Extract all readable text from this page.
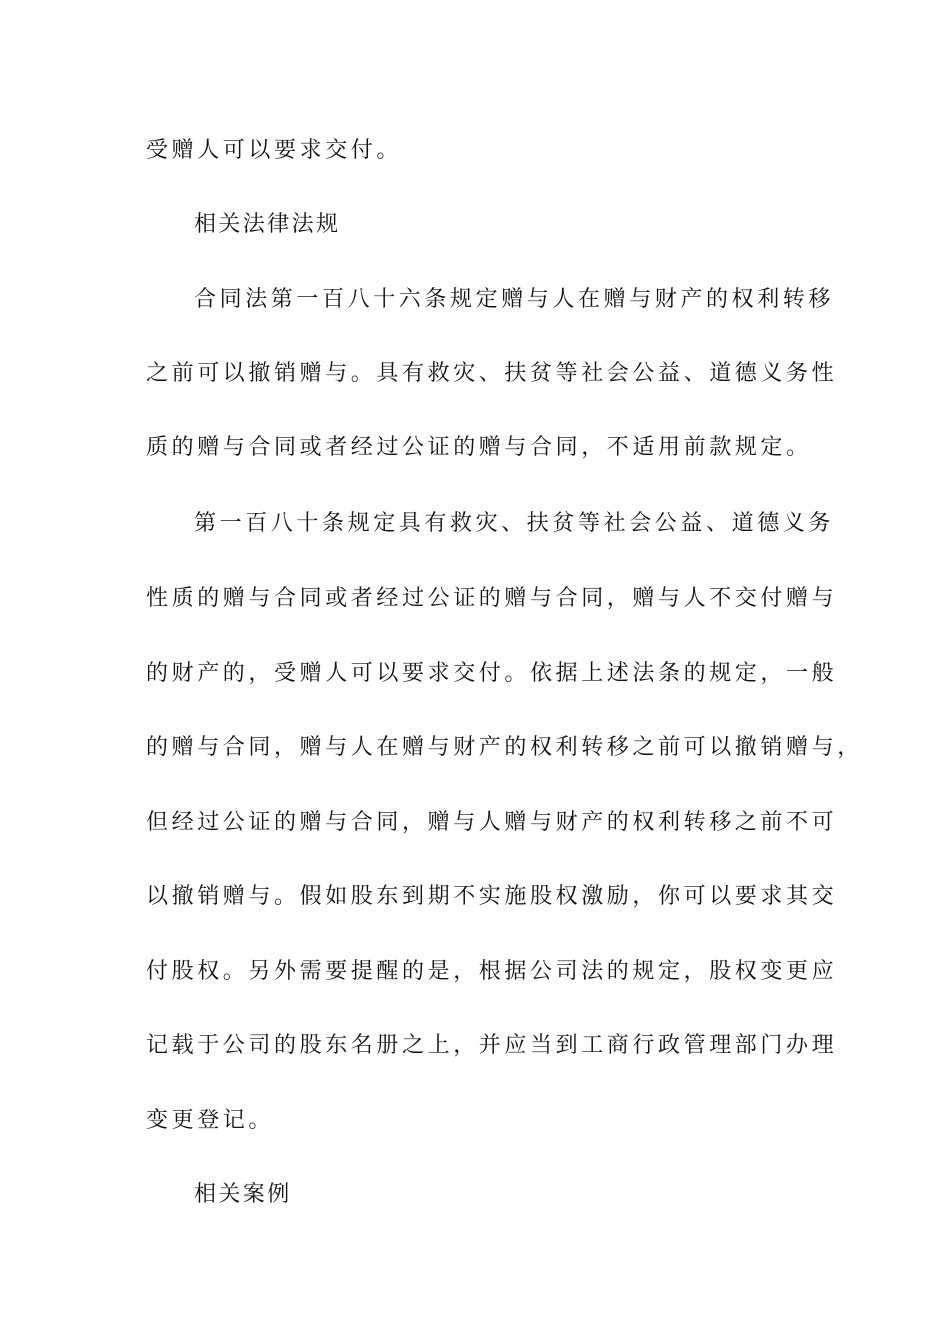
受赠人可以要求交付。
相关法律法规
合同法第一百八十六条规定赠与人在赠与财产的权利转移
之前可以撤销赠与。具有救灾、扶贫等社会公益、道德义务性
质的赠与合同或者经过公证的赠与合同，不适用前款规定。
第一百八十条规定具有救灾、扶贫等社会公益、道德义务
性质的赠与合同或者经过公证的赠与合同，赠与人不交付赠与
的财产的，受赠人可以要求交付。依据上述法条的规定，一般
的赠与合同，赠与人在赠与财产的权利转移之前可以撤销赠与，
但经过公证的赠与合同，赠与人赠与财产的权利转移之前不可
以撤销赠与。假如股东到期不实施股权激励，你可以要求其交
付股权。另外需要提醒的是，根据公司法的规定，股权变更应
记载于公司的股东名册之上，并应当到工商行政管理部门办理
变更登记。
相关案例
